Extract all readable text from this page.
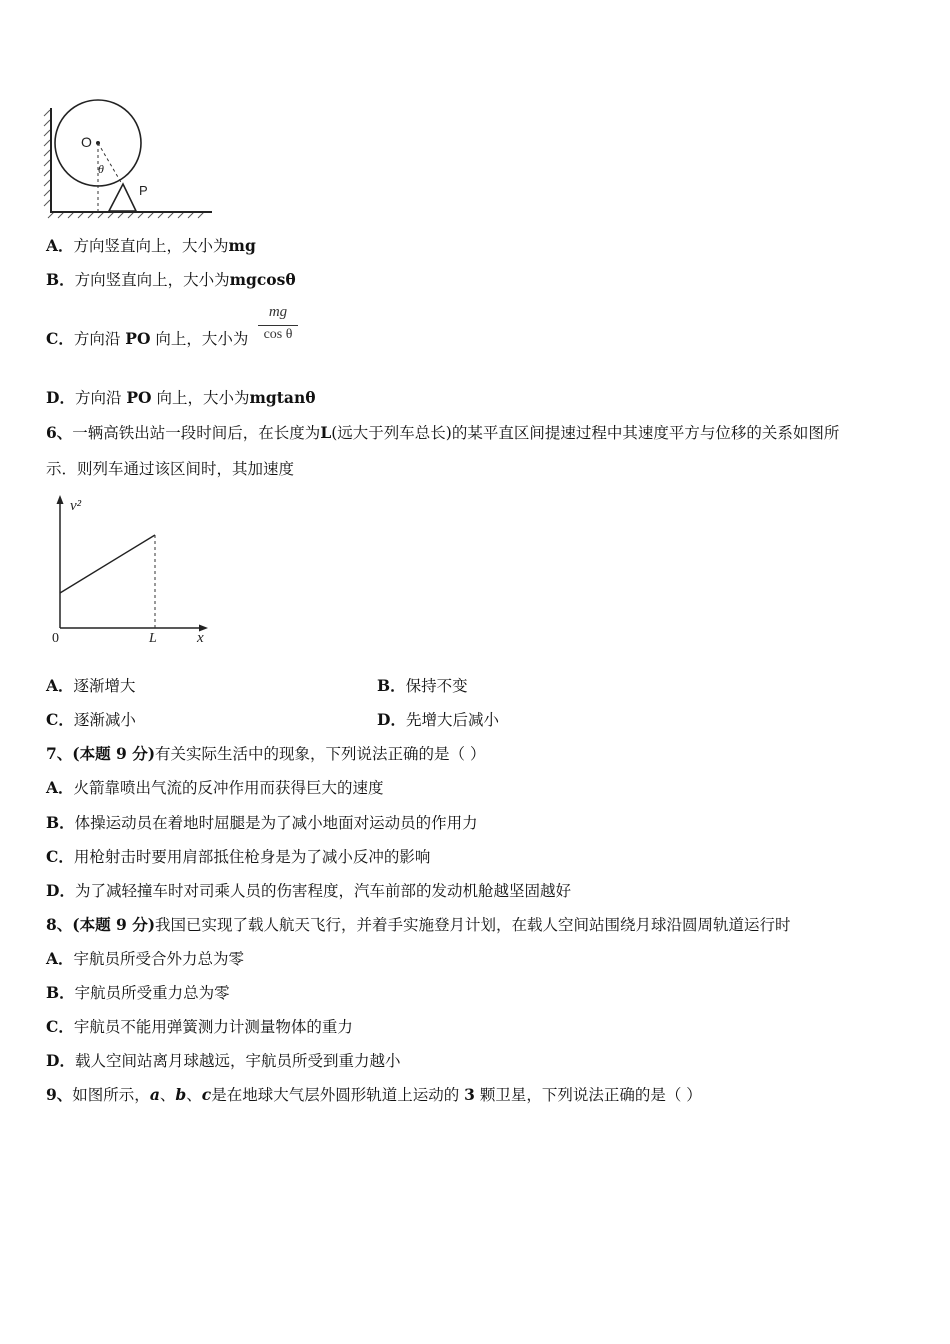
O
θ
P
A．方向竖直向上，大小为mg
B．方向竖直向上，大小为mgcosθ
C．方向沿 PO 向上，大小为
mg
cos θ
D．方向沿 PO 向上，大小为mgtanθ
6、一辆高铁出站一段时间后，在长度为L(远大于列车总长)的某平直区间提速过程中其速度平方与位移的关系如图所
示．则列车通过该区间时，其加速度
v²
0	L	x
A．逐渐增大	B．保持不变
C．逐渐减小	D．先增大后减小
7、(本题 9 分)有关实际生活中的现象，下列说法正确的是（ ）
A．火箭靠喷出气流的反冲作用而获得巨大的速度
B．体操运动员在着地时屈腿是为了减小地面对运动员的作用力
C．用枪射击时要用肩部抵住枪身是为了减小反冲的影响
D．为了减轻撞车时对司乘人员的伤害程度，汽车前部的发动机舱越坚固越好
8、(本题 9 分)我国已实现了载人航天飞行，并着手实施登月计划，在载人空间站围绕月球沿圆周轨道运行时
A．宇航员所受合外力总为零
B．宇航员所受重力总为零
C．宇航员不能用弹簧测力计测量物体的重力
D．载人空间站离月球越远，宇航员所受到重力越小
9、如图所示，a、b、c是在地球大气层外圆形轨道上运动的 3 颗卫星，下列说法正确的是（ ）
